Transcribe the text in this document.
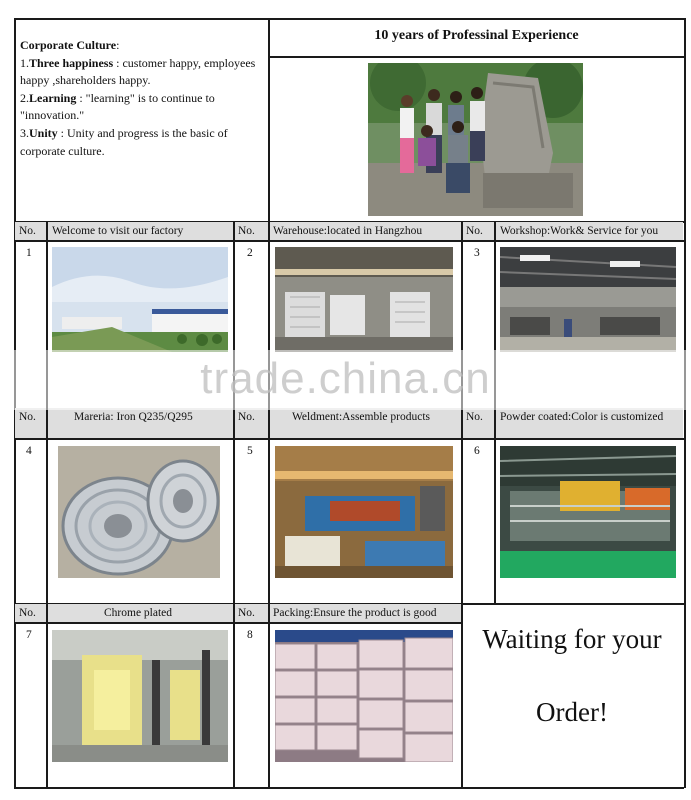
Corporate Culture:
1.Three happiness : customer happy, employees happy ,shareholders happy.
2.Learning : "learning" is to continue to "innovation."
3.Unity : Unity and progress is the basic of corporate culture.
10 years of Professinal Experience
No. Welcome to visit our factory	No. Warehouse:located in Hangzhou	No. Workshop:Work& Service for you
1	2	3
trade.china.cn
No.	Mareria: Iron Q235/Q295	No.	Weldment:Assemble products	No. Powder coated:Color is customized
4	5	6
No.	Chrome plated	No. Packing:Ensure the product is good
7	8	Waiting for your
Order!
